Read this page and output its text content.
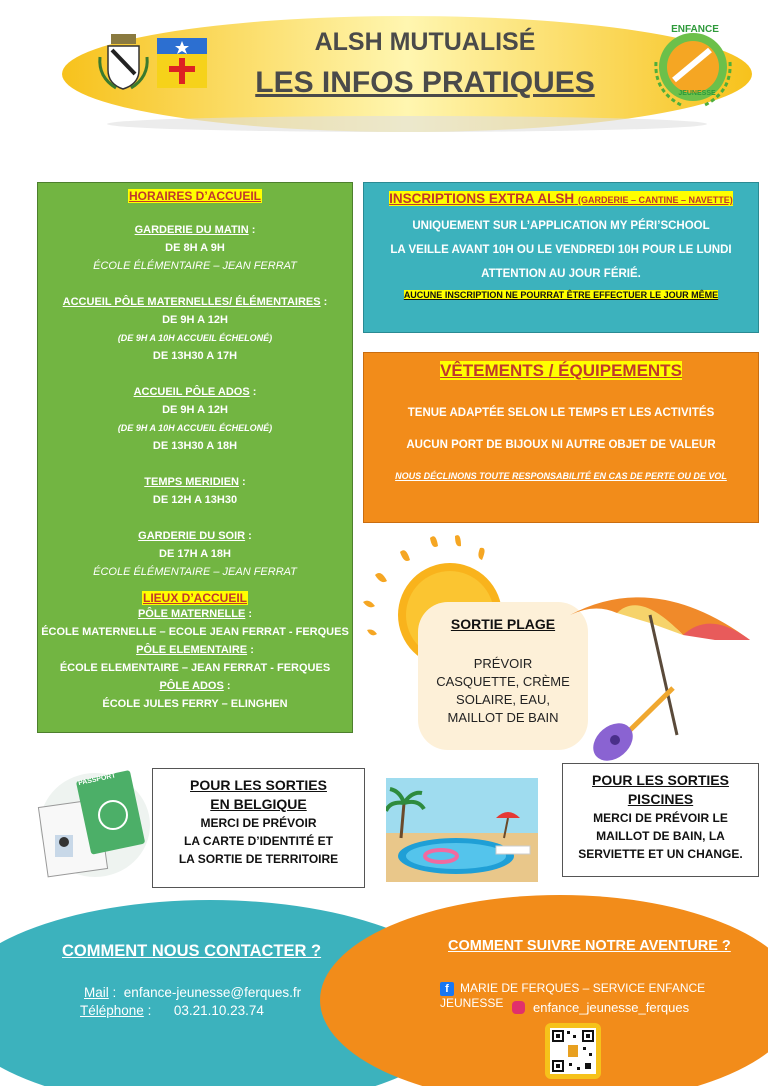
ALSH MUTUALISÉ
LES INFOS PRATIQUES
ENFANCE
JEUNESSE
HORAIRES D’ACCUEIL

GARDERIE DU MATIN :

DE 8H A 9H

ÉCOLE ÉLÉMENTAIRE – JEAN FERRAT

ACCUEIL PÔLE MATERNELLES/ ÉLÉMENTAIRES :

DE 9H A 12H

(DE 9H A 10H ACCUEIL ÉCHELONÉ)

DE 13H30 A 17H

ACCUEIL PÔLE ADOS :

DE 9H A 12H

(DE 9H A 10H ACCUEIL ÉCHELONÉ)

DE 13H30 A 18H

TEMPS MERIDIEN :

DE 12H A 13H30

GARDERIE DU SOIR :

DE 17H A 18H

ÉCOLE ÉLÉMENTAIRE – JEAN FERRAT

LIEUX D’ACCUEIL

PÔLE MATERNELLE :

ÉCOLE MATERNELLE – ECOLE JEAN FERRAT - FERQUES

PÔLE ELEMENTAIRE :

ÉCOLE ELEMENTAIRE – JEAN FERRAT - FERQUES

PÔLE ADOS :

ÉCOLE JULES FERRY – ELINGHEN

INSCRIPTIONS EXTRA ALSH (GARDERIE – CANTINE – NAVETTE)
UNIQUEMENT SUR L’APPLICATION MY PÉRI’SCHOOL
LA VEILLE AVANT 10H OU LE VENDREDI 10H POUR LE LUNDI
ATTENTION AU JOUR FÉRIÉ.
AUCUNE INSCRIPTION NE POURRAT ÊTRE EFFECTUER LE JOUR MÊME
VÊTEMENTS / ÉQUIPEMENTS
TENUE ADAPTÉE SELON LE TEMPS ET LES ACTIVITÉS
AUCUN PORT DE BIJOUX NI AUTRE OBJET DE VALEUR
NOUS DÉCLINONS TOUTE RESPONSABILITÉ EN CAS DE PERTE OU DE VOL
SORTIE PLAGE
PRÉVOIR
CASQUETTE, CRÈME
SOLAIRE, EAU,
MAILLOT DE BAIN
PASSPORT	POUR LES SORTIES
EN BELGIQUE
MERCI DE PRÉVOIR
LA CARTE D’IDENTITÉ ET
LA SORTIE DE TERRITOIRE
POUR LES SORTIES
PISCINES
MERCI DE PRÉVOIR LE
MAILLOT DE BAIN, LA
SERVIETTE ET UN CHANGE.
COMMENT NOUS CONTACTER ?
Mail : enfance-jeunesse@ferques.fr
Téléphone : 03.21.10.23.74
COMMENT SUIVRE NOTRE AVENTURE ?
f MARIE DE FERQUES – SERVICE ENFANCE JEUNESSE	enfance_jeunesse_ferques
